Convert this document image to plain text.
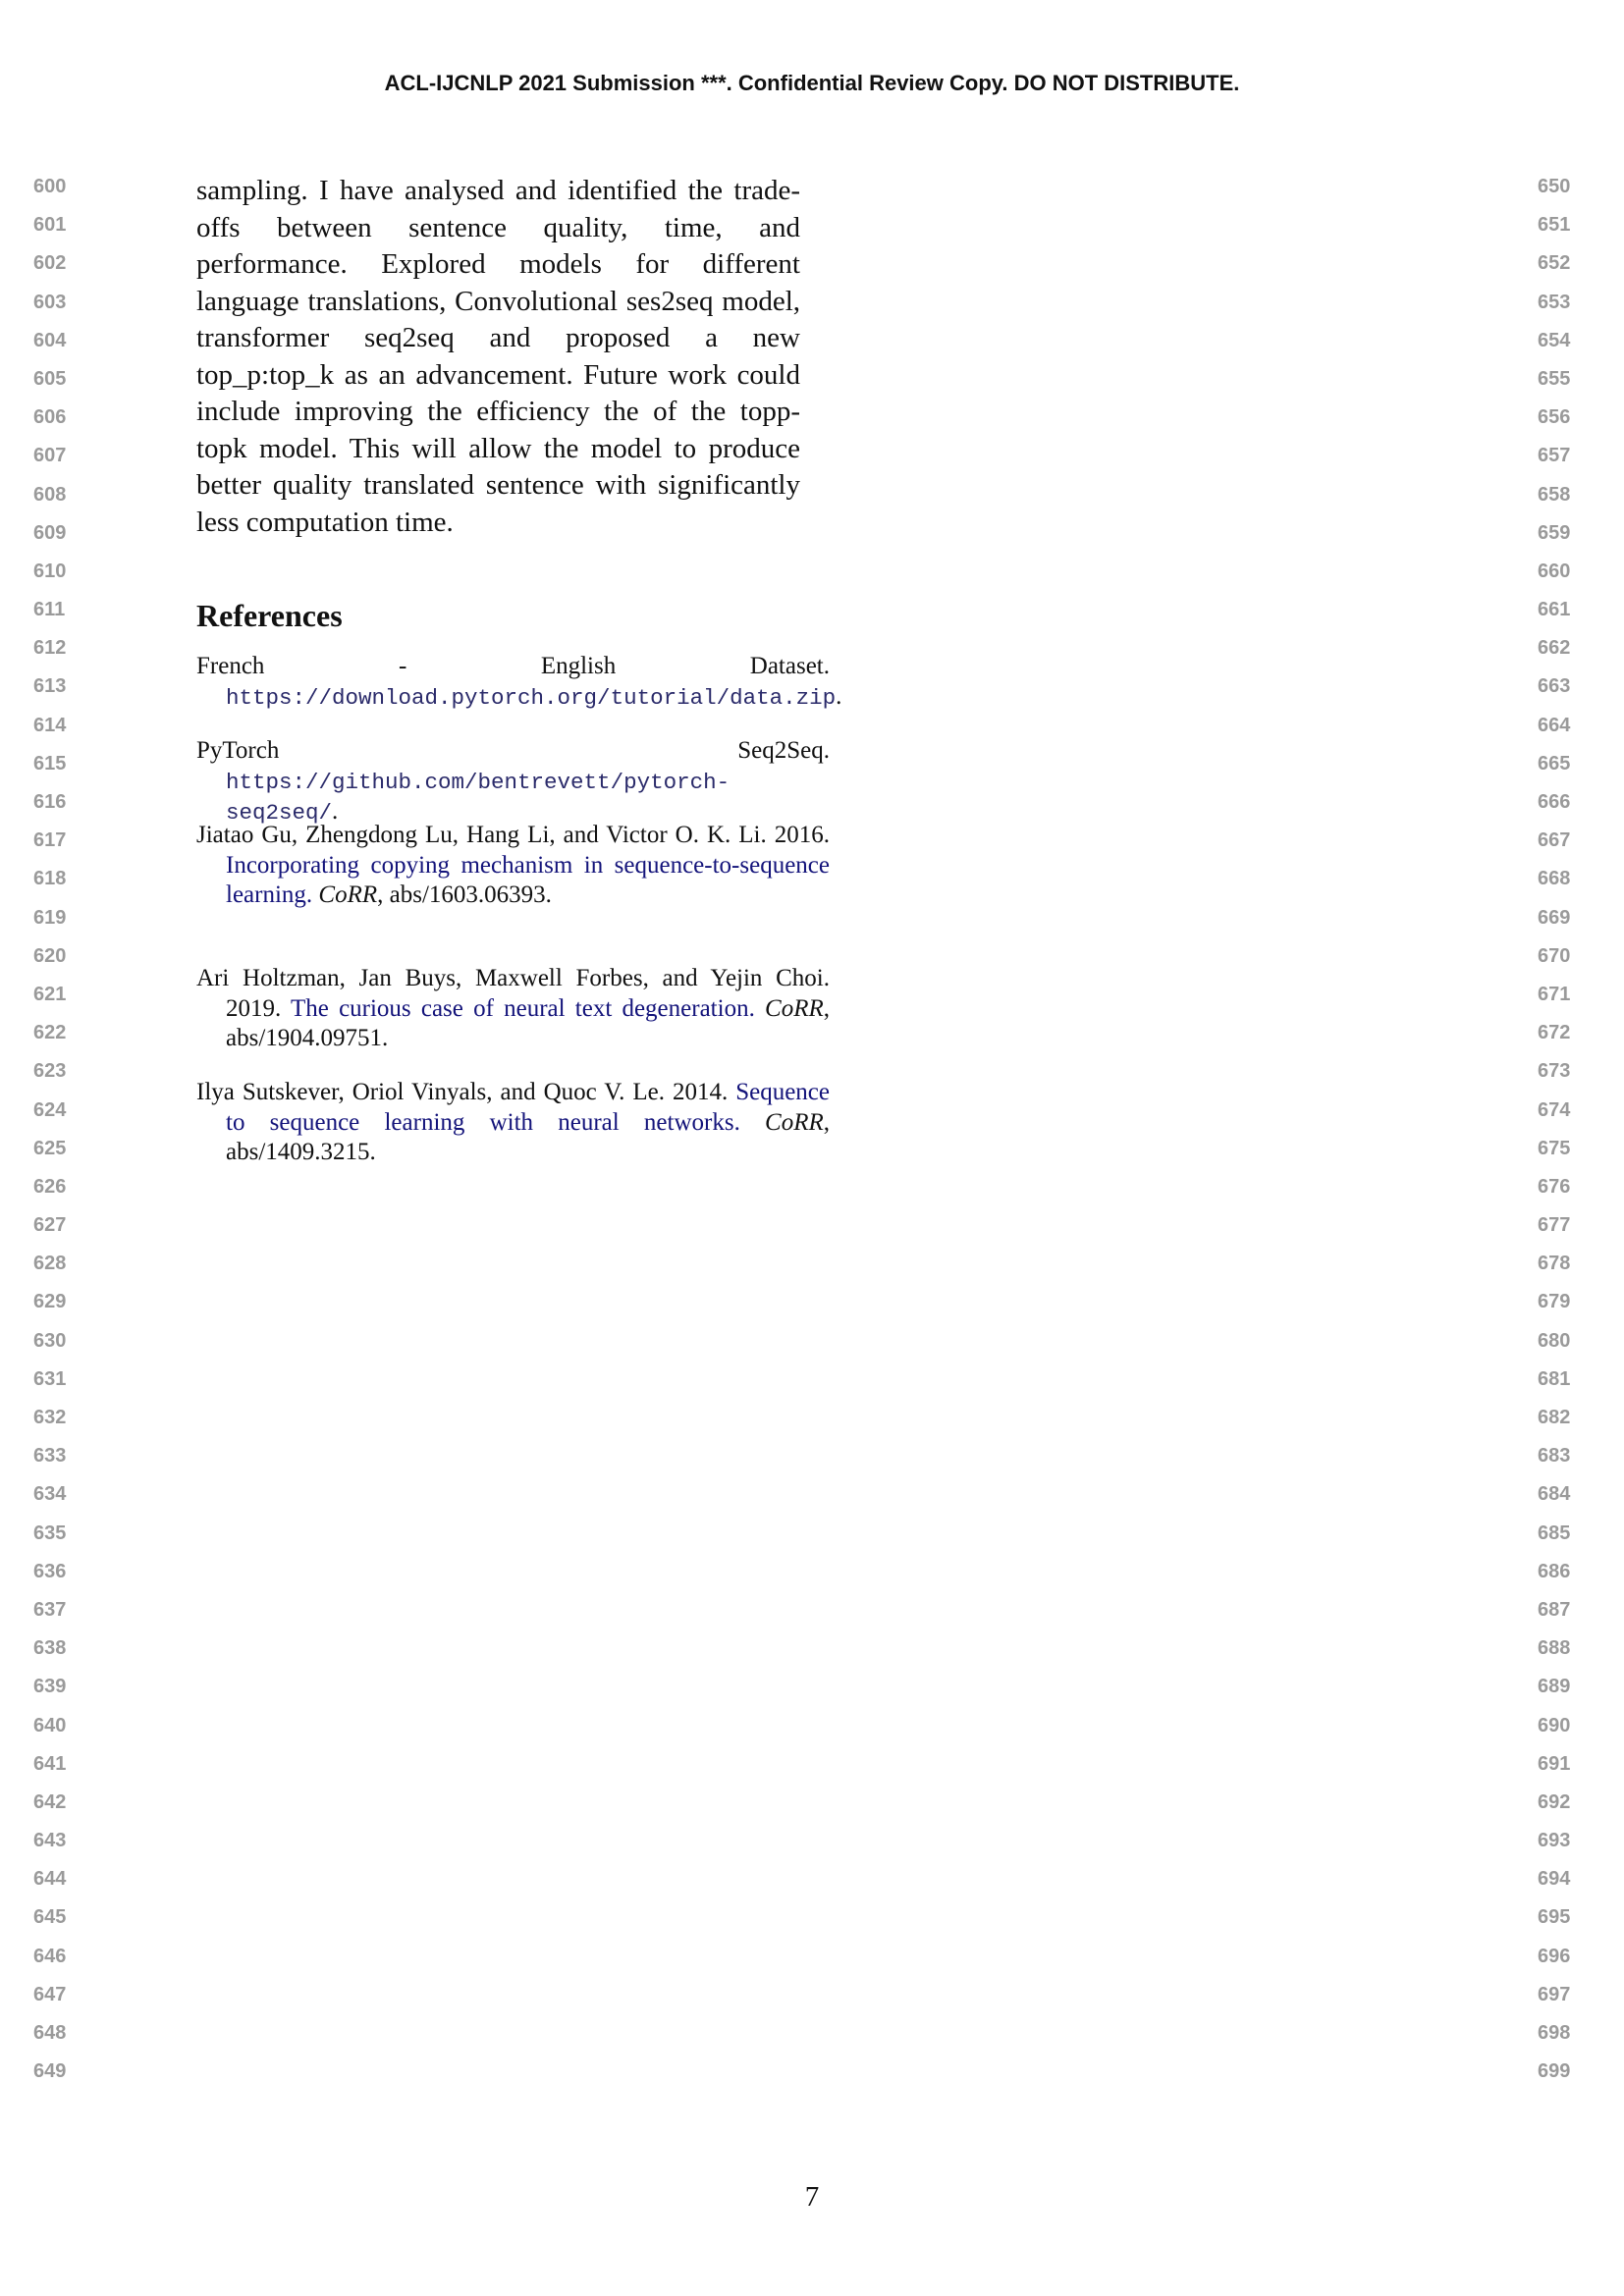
ACL-IJCNLP 2021 Submission ***. Confidential Review Copy. DO NOT DISTRIBUTE.
600
601
602
603
604
605
606
607
608
609
610
611
612
613
614
615
616
617
618
619
620
621
622
623
624
625
626
627
628
629
630
631
632
633
634
635
636
637
638
639
640
641
642
643
644
645
646
647
648
649
650
651
652
653
654
655
656
657
658
659
660
661
662
663
664
665
666
667
668
669
670
671
672
673
674
675
676
677
678
679
680
681
682
683
684
685
686
687
688
689
690
691
692
693
694
695
696
697
698
699

sampling. I have analysed and identified the trade-offs between sentence quality, time, and performance. Explored models for different language translations, Convolutional ses2seq model, transformer seq2seq and proposed a new top_p:top_k as an advancement. Future work could include improving the efficiency the of the topp-topk model. This will allow the model to produce better quality translated sentence with significantly less computation time.

References

French - English Dataset. https://download.pytorch.org/tutorial/data.zip.

PyTorch Seq2Seq. https://github.com/bentrevett/pytorch-seq2seq/.

Jiatao Gu, Zhengdong Lu, Hang Li, and Victor O. K. Li. 2016. Incorporating copying mechanism in sequence-to-sequence learning. CoRR, abs/1603.06393.

Ari Holtzman, Jan Buys, Maxwell Forbes, and Yejin Choi. 2019. The curious case of neural text degeneration. CoRR, abs/1904.09751.

Ilya Sutskever, Oriol Vinyals, and Quoc V. Le. 2014. Sequence to sequence learning with neural networks. CoRR, abs/1409.3215.

7
